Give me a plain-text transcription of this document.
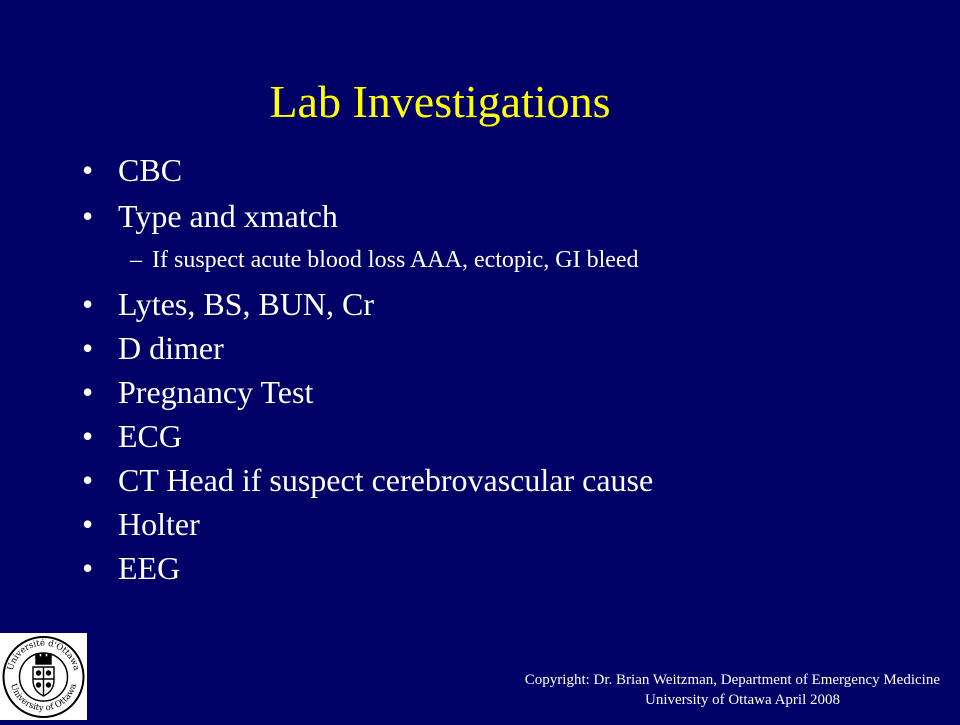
Lab Investigations
• CBC
• Type and xmatch
– If suspect acute blood loss AAA, ectopic, GI bleed
• Lytes, BS, BUN, Cr
• D dimer
• Pregnancy Test
• ECG
• CT Head if suspect cerebrovascular cause
• Holter
• EEG
Université d'Ottawa
University of Ottawa	Copyright: Dr. Brian Weitzman, Department of Emergency Medicine
University of Ottawa April 2008
